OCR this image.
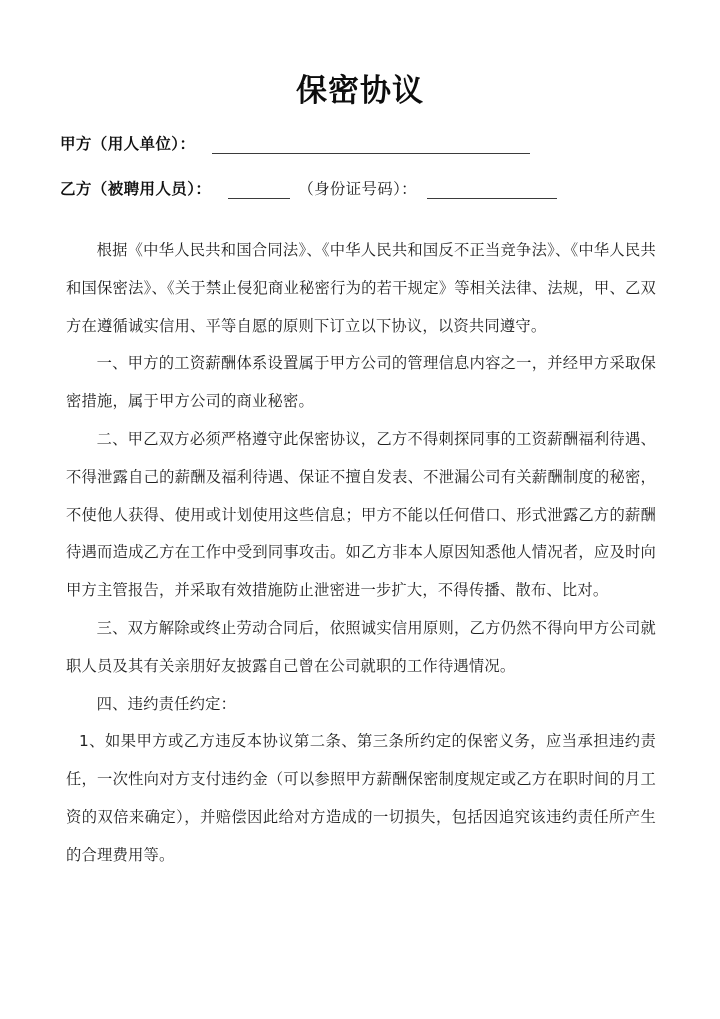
保密协议
甲方（用人单位）：
乙方（被聘用人员）：	（身份证号码）：

根据《中华人民共和国合同法》、《中华人民共和国反不正当竞争法》、《中华人民共和国保密法》、《关于禁止侵犯商业秘密行为的若干规定》等相关法律、法规，甲、乙双方在遵循诚实信用、平等自愿的原则下订立以下协议，以资共同遵守。

一、甲方的工资薪酬体系设置属于甲方公司的管理信息内容之一，并经甲方采取保密措施，属于甲方公司的商业秘密。

二、甲乙双方必须严格遵守此保密协议，乙方不得刺探同事的工资薪酬福利待遇、不得泄露自己的薪酬及福利待遇、保证不擅自发表、不泄漏公司有关薪酬制度的秘密，不使他人获得、使用或计划使用这些信息；甲方不能以任何借口、形式泄露乙方的薪酬待遇而造成乙方在工作中受到同事攻击。如乙方非本人原因知悉他人情况者，应及时向甲方主管报告，并采取有效措施防止泄密进一步扩大，不得传播、散布、比对。

三、双方解除或终止劳动合同后，依照诚实信用原则，乙方仍然不得向甲方公司就职人员及其有关亲朋好友披露自己曾在公司就职的工作待遇情况。

四、违约责任约定：

1、如果甲方或乙方违反本协议第二条、第三条所约定的保密义务，应当承担违约责任，一次性向对方支付违约金（可以参照甲方薪酬保密制度规定或乙方在职时间的月工资的双倍来确定），并赔偿因此给对方造成的一切损失，包括因追究该违约责任所产生的合理费用等。
